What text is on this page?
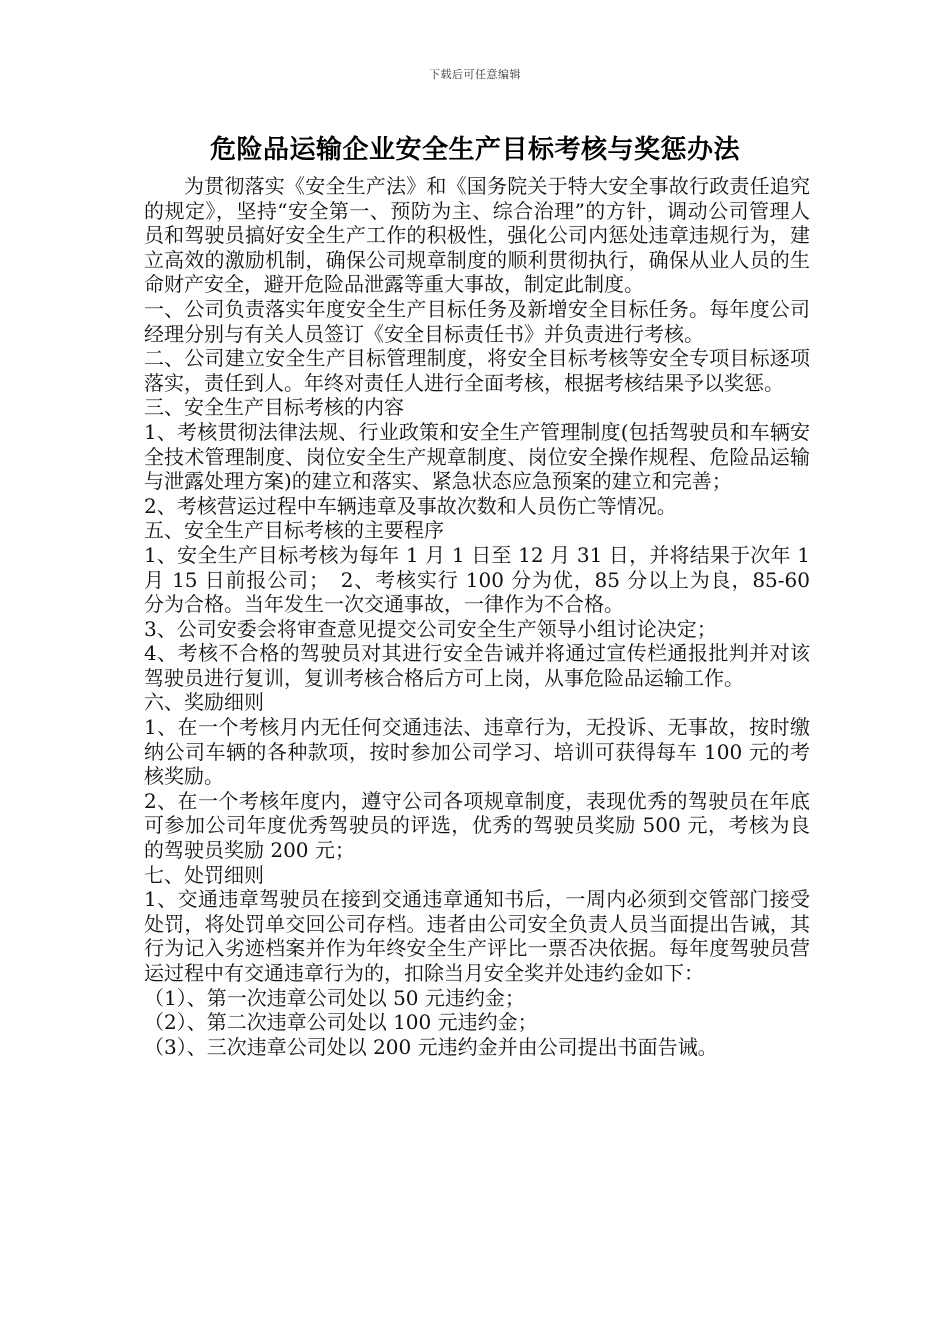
下载后可任意编辑
危险品运输企业安全生产目标考核与奖惩办法

为贯彻落实《安全生产法》和《国务院关于特大安全事故行政责任追究的规定》，坚持“安全第一、预防为主、综合治理”的方针，调动公司管理人员和驾驶员搞好安全生产工作的积极性，强化公司内惩处违章违规行为，建立高效的激励机制，确保公司规章制度的顺利贯彻执行，确保从业人员的生命财产安全，避开危险品泄露等重大事故，制定此制度。

一、公司负责落实年度安全生产目标任务及新增安全目标任务。每年度公司经理分别与有关人员签订《安全目标责任书》并负责进行考核。

二、公司建立安全生产目标管理制度，将安全目标考核等安全专项目标逐项落实，责任到人。年终对责任人进行全面考核，根据考核结果予以奖惩。

三、安全生产目标考核的内容

1、考核贯彻法律法规、行业政策和安全生产管理制度(包括驾驶员和车辆安全技术管理制度、岗位安全生产规章制度、岗位安全操作规程、危险品运输与泄露处理方案)的建立和落实、紧急状态应急预案的建立和完善；

2、考核营运过程中车辆违章及事故次数和人员伤亡等情况。

五、安全生产目标考核的主要程序

1、安全生产目标考核为每年 1 月 1 日至 12 月 31 日，并将结果于次年 1 月 15 日前报公司；　2、考核实行 100 分为优，85 分以上为良，85-60 分为合格。当年发生一次交通事故，一律作为不合格。

3、公司安委会将审查意见提交公司安全生产领导小组讨论决定；

4、考核不合格的驾驶员对其进行安全告诫并将通过宣传栏通报批判并对该驾驶员进行复训，复训考核合格后方可上岗，从事危险品运输工作。

六、奖励细则

1、在一个考核月内无任何交通违法、违章行为，无投诉、无事故，按时缴纳公司车辆的各种款项，按时参加公司学习、培训可获得每车 100 元的考核奖励。

2、在一个考核年度内，遵守公司各项规章制度，表现优秀的驾驶员在年底可参加公司年度优秀驾驶员的评选，优秀的驾驶员奖励 500 元，考核为良的驾驶员奖励 200 元；

七、处罚细则

1、交通违章驾驶员在接到交通违章通知书后，一周内必须到交管部门接受处罚，将处罚单交回公司存档。违者由公司安全负责人员当面提出告诫，其行为记入劣迹档案并作为年终安全生产评比一票否决依据。每年度驾驶员营运过程中有交通违章行为的，扣除当月安全奖并处违约金如下：

（1）、第一次违章公司处以 50 元违约金；

（2）、第二次违章公司处以 100 元违约金；

（3）、三次违章公司处以 200 元违约金并由公司提出书面告诫。
